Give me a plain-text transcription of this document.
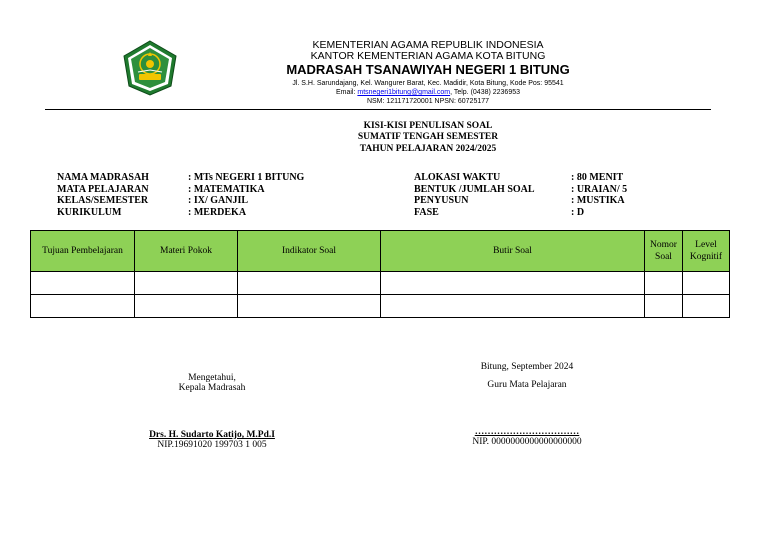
KEMENTERIAN AGAMA REPUBLIK INDONESIA
KANTOR KEMENTERIAN AGAMA KOTA BITUNG
MADRASAH TSANAWIYAH NEGERI 1 BITUNG
Jl. S.H. Sarundajang, Kel. Wangurer Barat, Kec. Madidir, Kota Bitung, Kode Pos: 95541
Email: mtsnegeri1bitung@gmail.com, Telp. (0438) 2236953
NSM: 121171720001 NPSN: 60725177
KISI-KISI PENULISAN SOAL
SUMATIF TENGAH SEMESTER
TAHUN PELAJARAN 2024/2025
NAMA MADRASAH	: MTs NEGERI 1 BITUNG
MATA PELAJARAN	: MATEMATIKA
KELAS/SEMESTER	: IX/ GANJIL
KURIKULUM	: MERDEKA
ALOKASI WAKTU	: 80 MENIT
BENTUK /JUMLAH SOAL	: URAIAN/ 5
PENYUSUN	: MUSTIKA
FASE	: D
Tujuan Pembelajaran	Materi Pokok	Indikator Soal	Butir Soal	Nomor Soal	Level Kognitif

Mengetahui,
Kepala Madrasah
Drs. H. Sudarto Katijo, M.Pd.I
NIP.19691020 199703 1 005
Bitung, September 2024
Guru Mata Pelajaran
……………………………
NIP. 0000000000000000000
